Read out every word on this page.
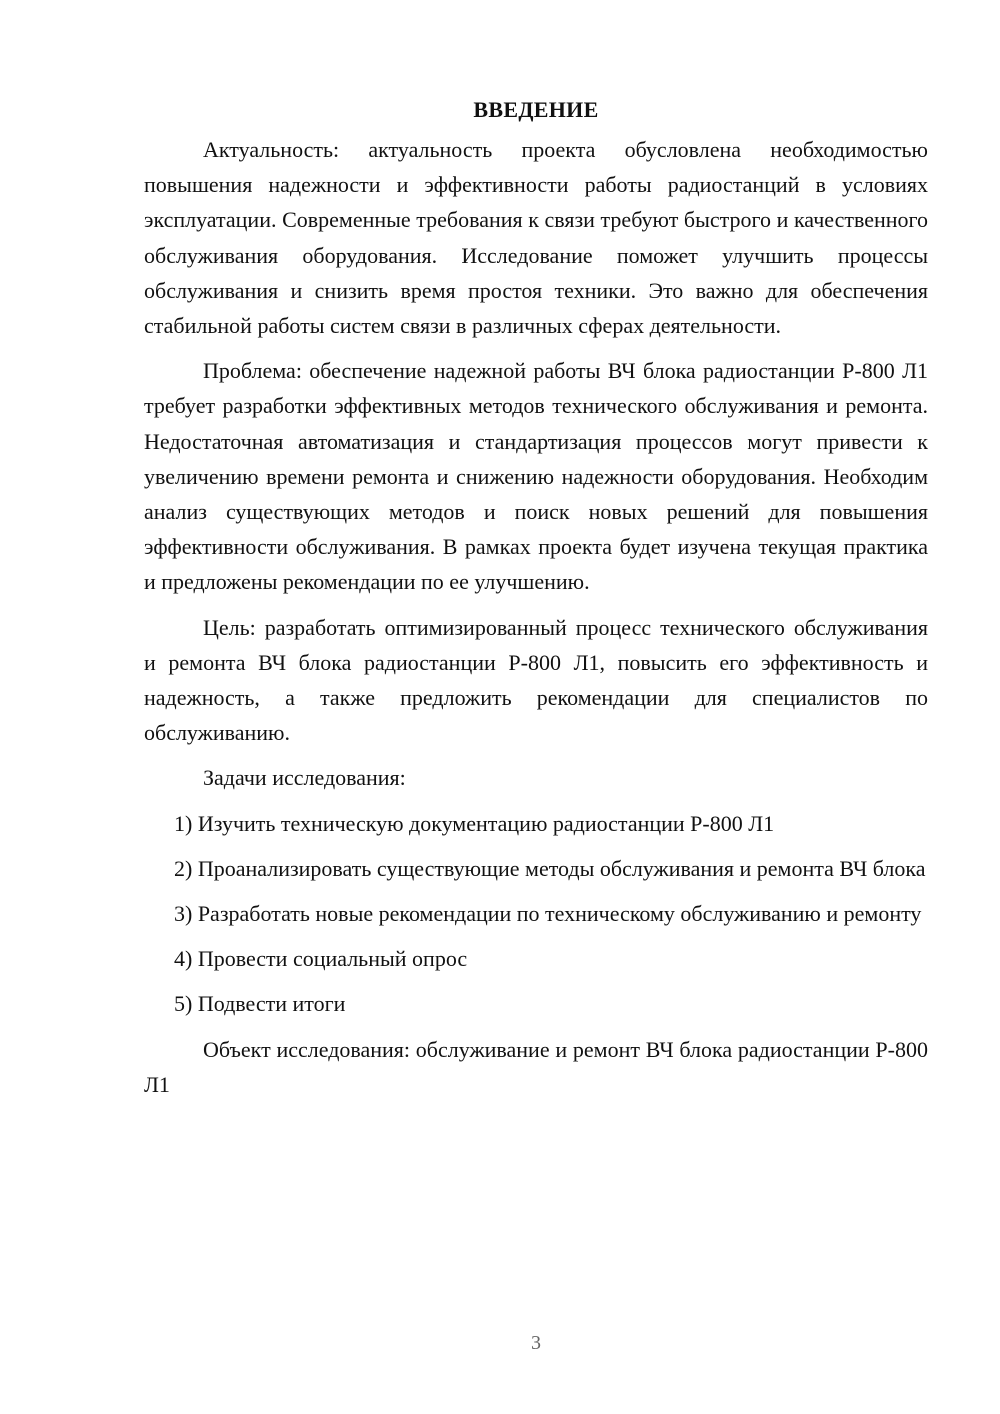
ВВЕДЕНИЕ

Актуальность: актуальность проекта обусловлена необходимостью повышения надежности и эффективности работы радиостанций в условиях эксплуатации. Современные требования к связи требуют быстрого и качественного обслуживания оборудования. Исследование поможет улучшить процессы обслуживания и снизить время простоя техники. Это важно для обеспечения стабильной работы систем связи в различных сферах деятельности.

Проблема: обеспечение надежной работы ВЧ блока радиостанции Р-800 Л1 требует разработки эффективных методов технического обслуживания и ремонта. Недостаточная автоматизация и стандартизация процессов могут привести к увеличению времени ремонта и снижению надежности оборудования. Необходим анализ существующих методов и поиск новых решений для повышения эффективности обслуживания. В рамках проекта будет изучена текущая практика и предложены рекомендации по ее улучшению.

Цель: разработать оптимизированный процесс технического обслуживания и ремонта ВЧ блока радиостанции Р-800 Л1, повысить его эффективность и надежность, а также предложить рекомендации для специалистов по обслуживанию.

Задачи исследования:

1) Изучить техническую документацию радиостанции Р-800 Л1

2) Проанализировать существующие методы обслуживания и ремонта ВЧ блока

3) Разработать новые рекомендации по техническому обслуживанию и ремонту

4) Провести социальный опрос

5) Подвести итоги

Объект исследования: обслуживание и ремонт ВЧ блока радиостанции Р-800 Л1

3
